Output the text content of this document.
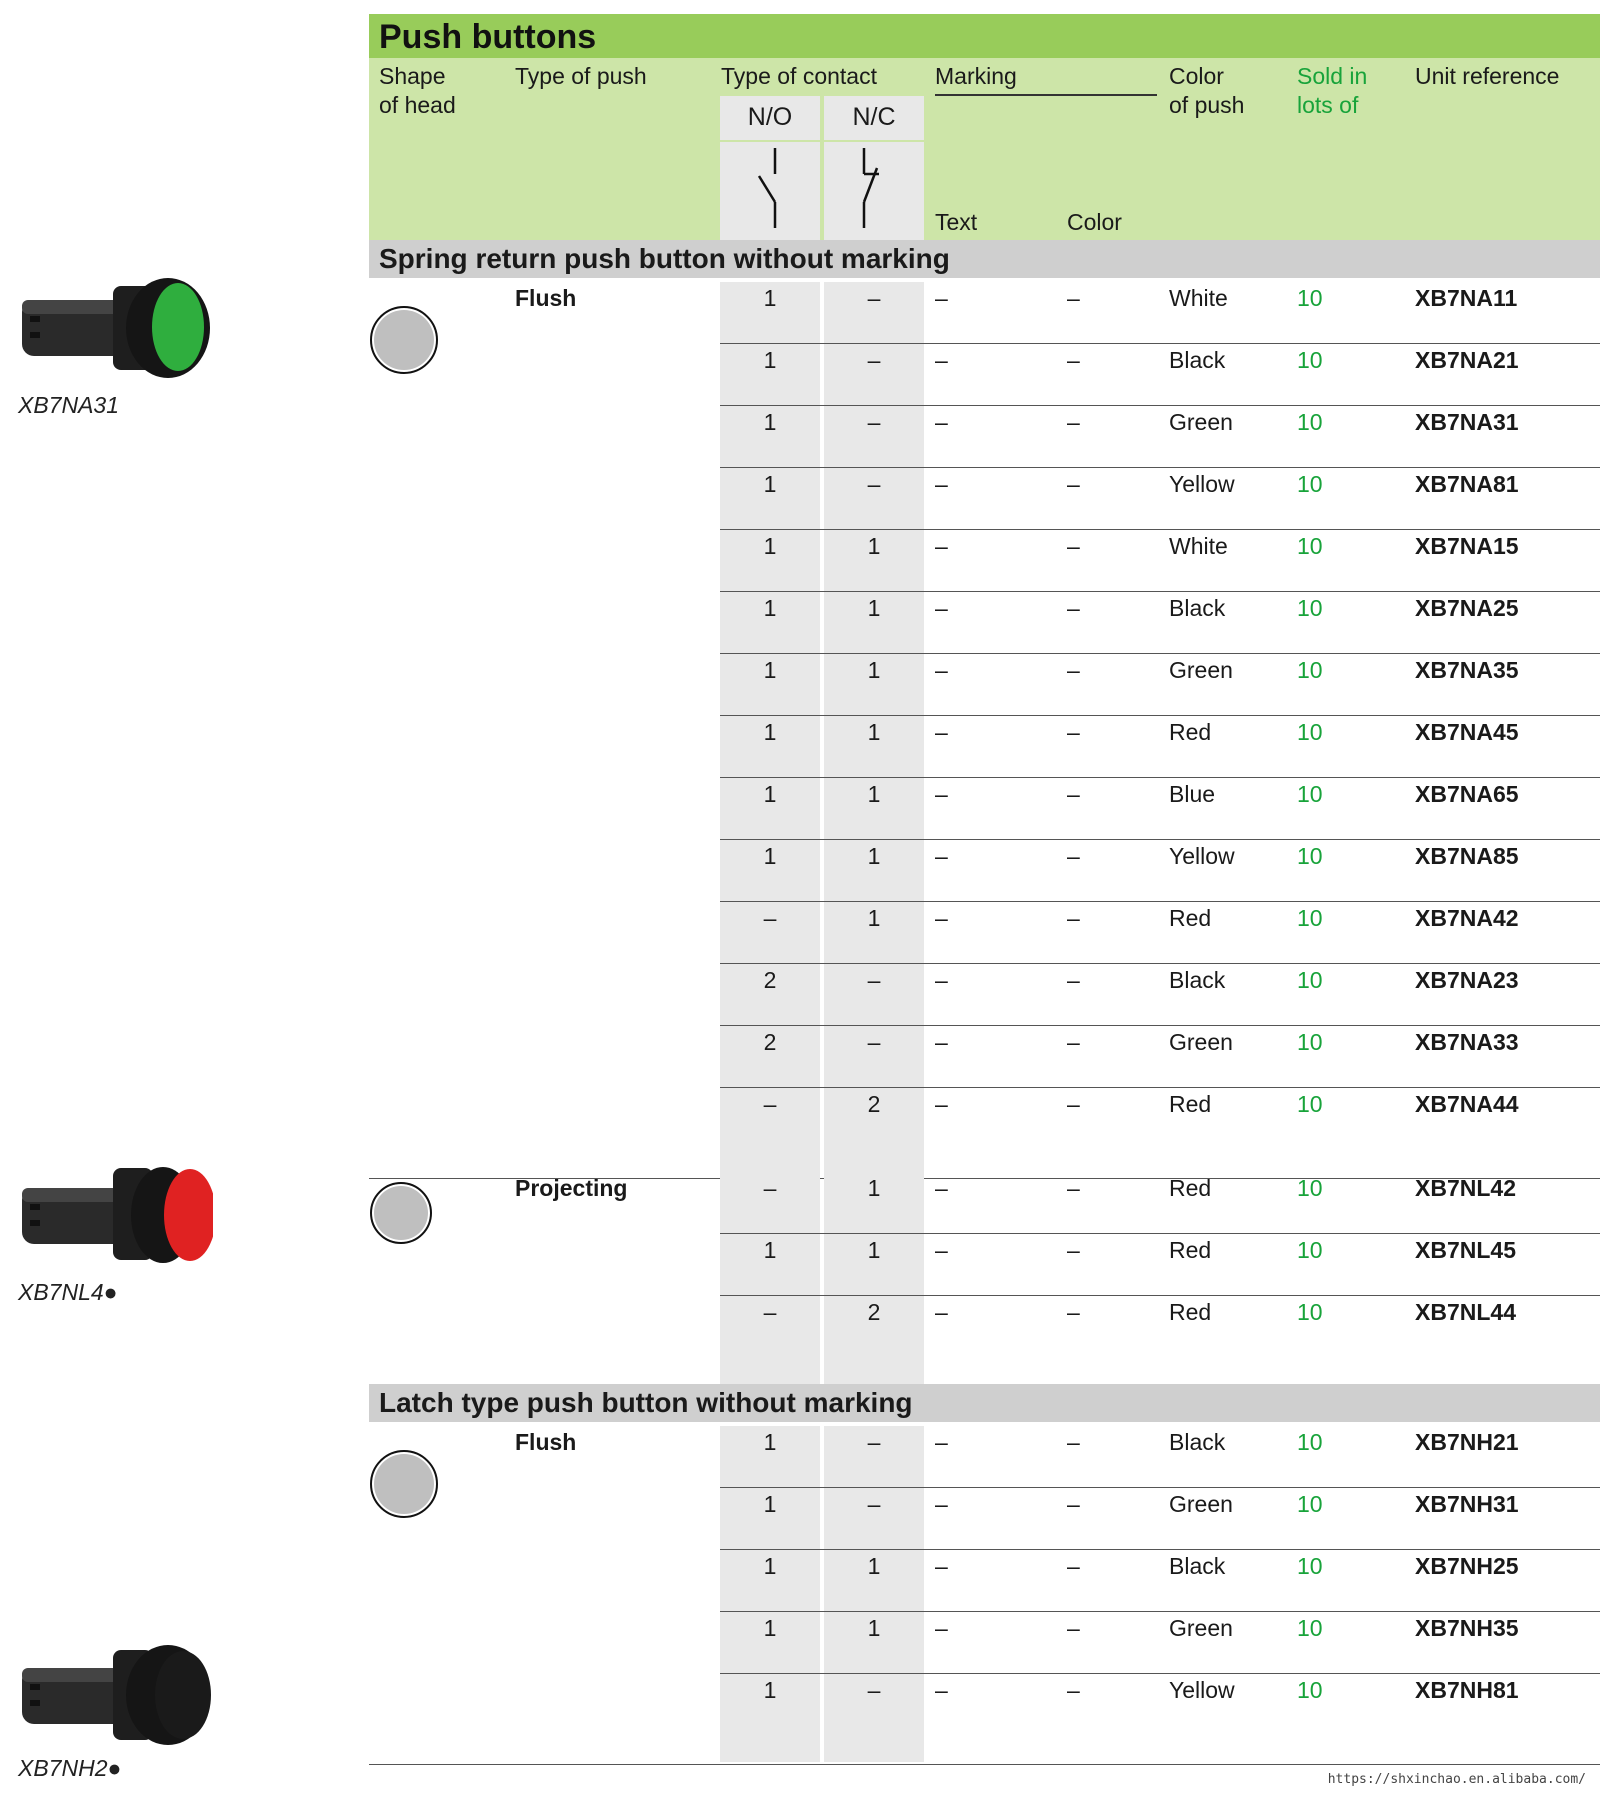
XB7NA31
XB7NL4●
XB7NH2●
Push buttons
Shape
of head
Type of push	Type of contact
N/O	N/C
Marking
Text	Color
Color
of push
Sold in
lots of
Unit reference
Spring return push button without marking
Flush	1	–	–	–	White	10	XB7NA11
1	–	–	–	Black	10	XB7NA21
1	–	–	–	Green	10	XB7NA31
1	–	–	–	Yellow	10	XB7NA81
1	1	–	–	White	10	XB7NA15
1	1	–	–	Black	10	XB7NA25
1	1	–	–	Green	10	XB7NA35
1	1	–	–	Red	10	XB7NA45
1	1	–	–	Blue	10	XB7NA65
1	1	–	–	Yellow	10	XB7NA85
–	1	–	–	Red	10	XB7NA42
2	–	–	–	Black	10	XB7NA23
2	–	–	–	Green	10	XB7NA33
–	2	–	–	Red	10	XB7NA44
Projecting	–	1	–	–	Red	10	XB7NL42
1	1	–	–	Red	10	XB7NL45
–	2	–	–	Red	10	XB7NL44
Latch type push button without marking
Flush	1	–	–	–	Black	10	XB7NH21
1	–	–	–	Green	10	XB7NH31
1	1	–	–	Black	10	XB7NH25
1	1	–	–	Green	10	XB7NH35
1	–	–	–	Yellow	10	XB7NH81
https://shxinchao.en.alibaba.com/
